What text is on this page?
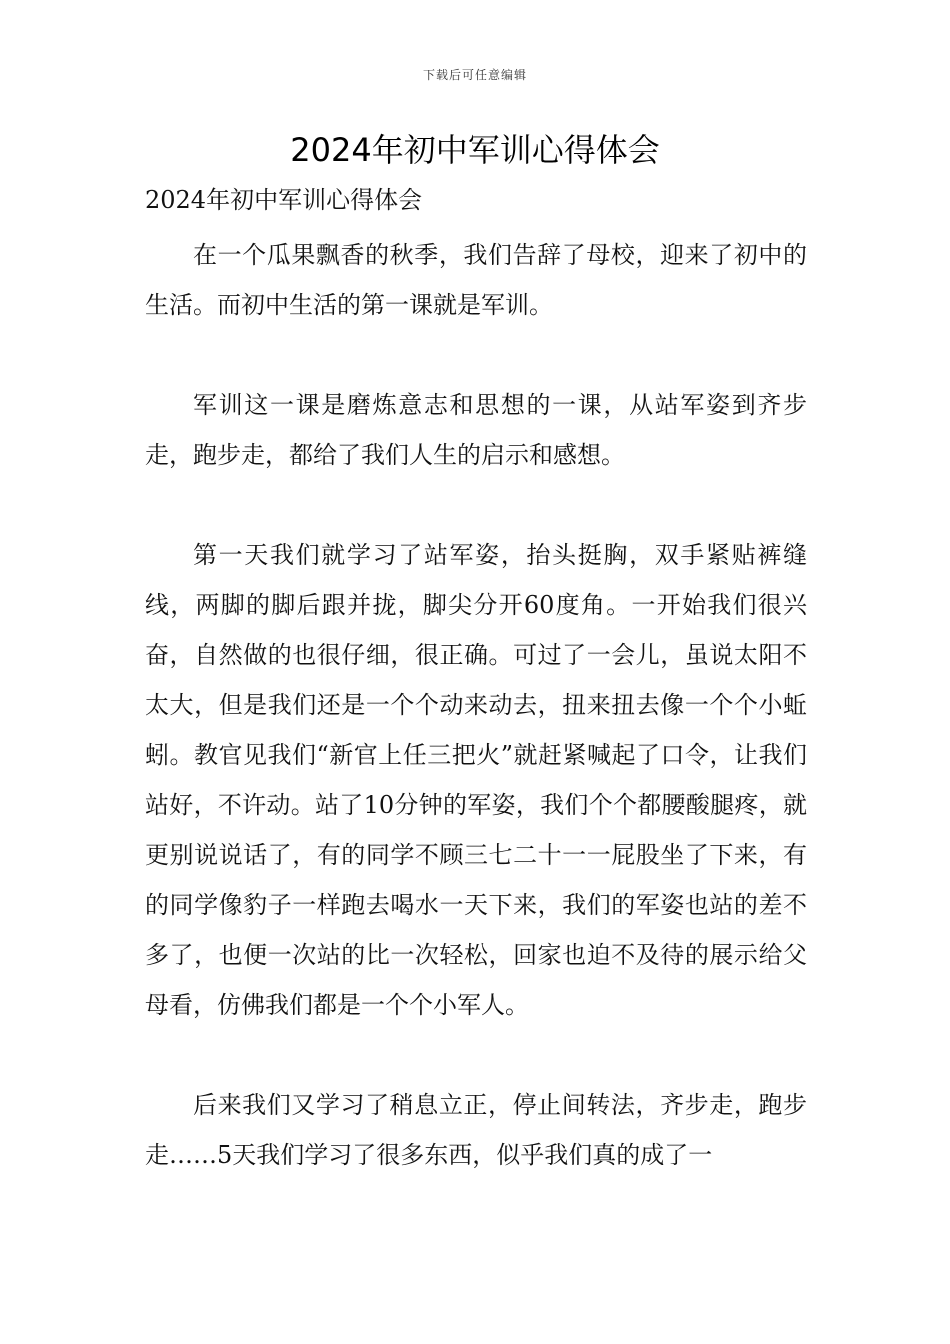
下载后可任意编辑
2024年初中军训心得体会

2024年初中军训心得体会

在一个瓜果飘香的秋季，我们告辞了母校，迎来了初中的生活。而初中生活的第一课就是军训。

军训这一课是磨炼意志和思想的一课，从站军姿到齐步走，跑步走，都给了我们人生的启示和感想。

第一天我们就学习了站军姿，抬头挺胸，双手紧贴裤缝线，两脚的脚后跟并拢，脚尖分开60度角。一开始我们很兴奋，自然做的也很仔细，很正确。可过了一会儿，虽说太阳不太大，但是我们还是一个个动来动去，扭来扭去像一个个小蚯蚓。教官见我们“新官上任三把火”就赶紧喊起了口令，让我们站好，不许动。站了10分钟的军姿，我们个个都腰酸腿疼，就更别说说话了，有的同学不顾三七二十一一屁股坐了下来，有的同学像豹子一样跑去喝水一天下来，我们的军姿也站的差不多了，也便一次站的比一次轻松，回家也迫不及待的展示给父母看，仿佛我们都是一个个小军人。

后来我们又学习了稍息立正，停止间转法，齐步走，跑步走……5天我们学习了很多东西，似乎我们真的成了一
